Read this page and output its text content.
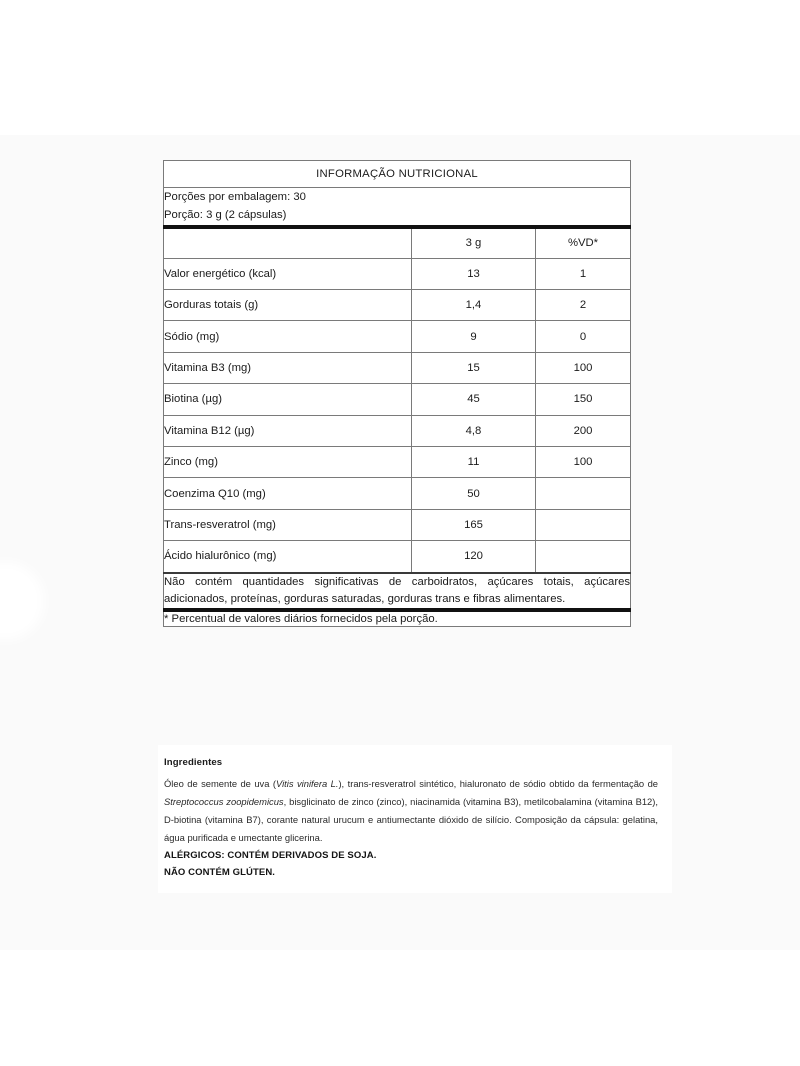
INFORMAÇÃO NUTRICIONAL		

Porções por embalagem: 30
Porção: 3 g (2 cápsulas)		

	3 g	%VD*
Valor energético (kcal)	13	1
Gorduras totais (g)	1,4	2
Sódio (mg)	9	0
Vitamina B3 (mg)	15	100
Biotina (µg)	45	150
Vitamina B12 (µg)	4,8	200
Zinco (mg)	11	100
Coenzima Q10 (mg)	50	
Trans-resveratrol (mg)	165	
Ácido hialurônico (mg)	120	
Não contém quantidades significativas de carboidratos, açúcares totais, açúcares adicionados, proteínas, gorduras saturadas, gorduras trans e fibras alimentares.		
* Percentual de valores diários fornecidos pela porção.		
Ingredientes

Óleo de semente de uva (Vitis vinifera L.), trans-resveratrol sintético, hialuronato de sódio obtido da fermentação de Streptococcus zoopidemicus, bisglicinato de zinco (zinco), niacinamida (vitamina B3), metilcobalamina (vitamina B12), D-biotina (vitamina B7), corante natural urucum e antiumectante dióxido de silício. Composição da cápsula: gelatina, água purificada e umectante glicerina.

ALÉRGICOS: CONTÉM DERIVADOS DE SOJA.
NÃO CONTÉM GLÚTEN.
